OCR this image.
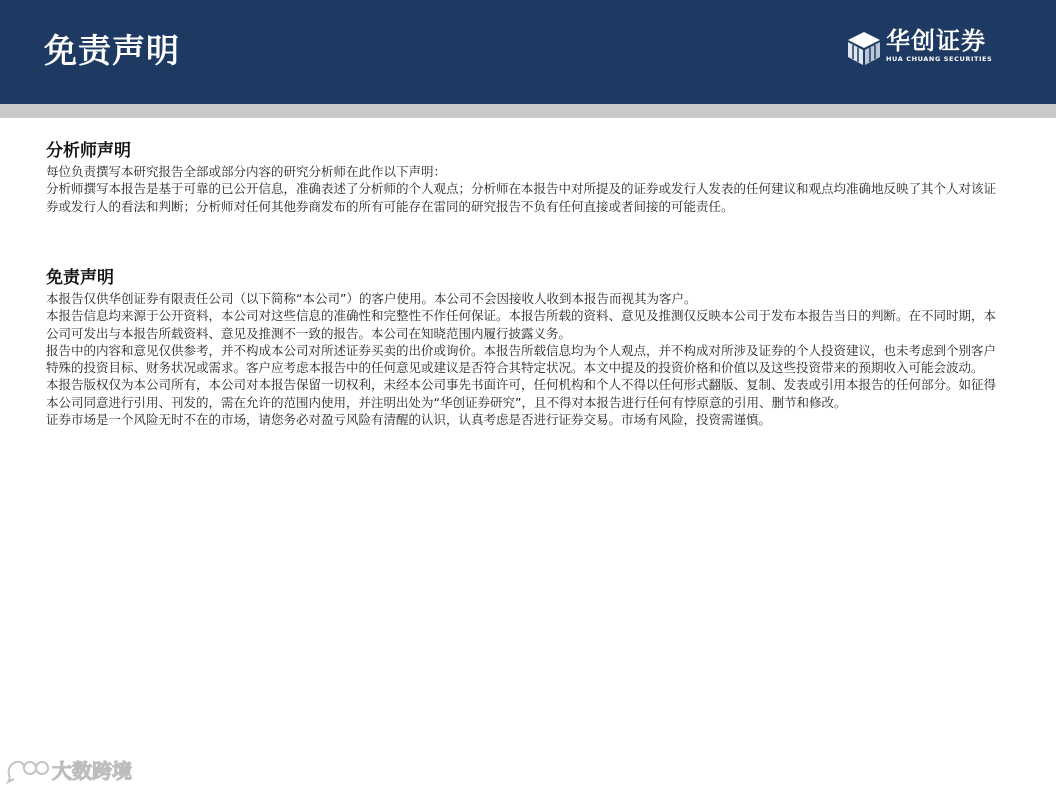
免责声明	华创证券
HUA CHUANG SECURITIES
分析师声明

每位负责撰写本研究报告全部或部分内容的研究分析师在此作以下声明：

分析师撰写本报告是基于可靠的已公开信息，准确表述了分析师的个人观点；分析师在本报告中对所提及的证券或发行人发表的任何建议和观点均准确地反映了其个人对该证券或发行人的看法和判断；分析师对任何其他券商发布的所有可能存在雷同的研究报告不负有任何直接或者间接的可能责任。

免责声明

本报告仅供华创证券有限责任公司（以下简称“本公司”）的客户使用。本公司不会因接收人收到本报告而视其为客户。

本报告信息均来源于公开资料，本公司对这些信息的准确性和完整性不作任何保证。本报告所载的资料、意见及推测仅反映本公司于发布本报告当日的判断。在不同时期，本公司可发出与本报告所载资料、意见及推测不一致的报告。本公司在知晓范围内履行披露义务。

报告中的内容和意见仅供参考，并不构成本公司对所述证券买卖的出价或询价。本报告所载信息均为个人观点，并不构成对所涉及证券的个人投资建议，也未考虑到个别客户特殊的投资目标、财务状况或需求。客户应考虑本报告中的任何意见或建议是否符合其特定状况。本文中提及的投资价格和价值以及这些投资带来的预期收入可能会波动。

本报告版权仅为本公司所有，本公司对本报告保留一切权利，未经本公司事先书面许可，任何机构和个人不得以任何形式翻版、复制、发表或引用本报告的任何部分。如征得本公司同意进行引用、刊发的，需在允许的范围内使用，并注明出处为“华创证券研究”，且不得对本报告进行任何有悖原意的引用、删节和修改。

证券市场是一个风险无时不在的市场，请您务必对盈亏风险有清醒的认识，认真考虑是否进行证券交易。市场有风险，投资需谨慎。

大数跨境
